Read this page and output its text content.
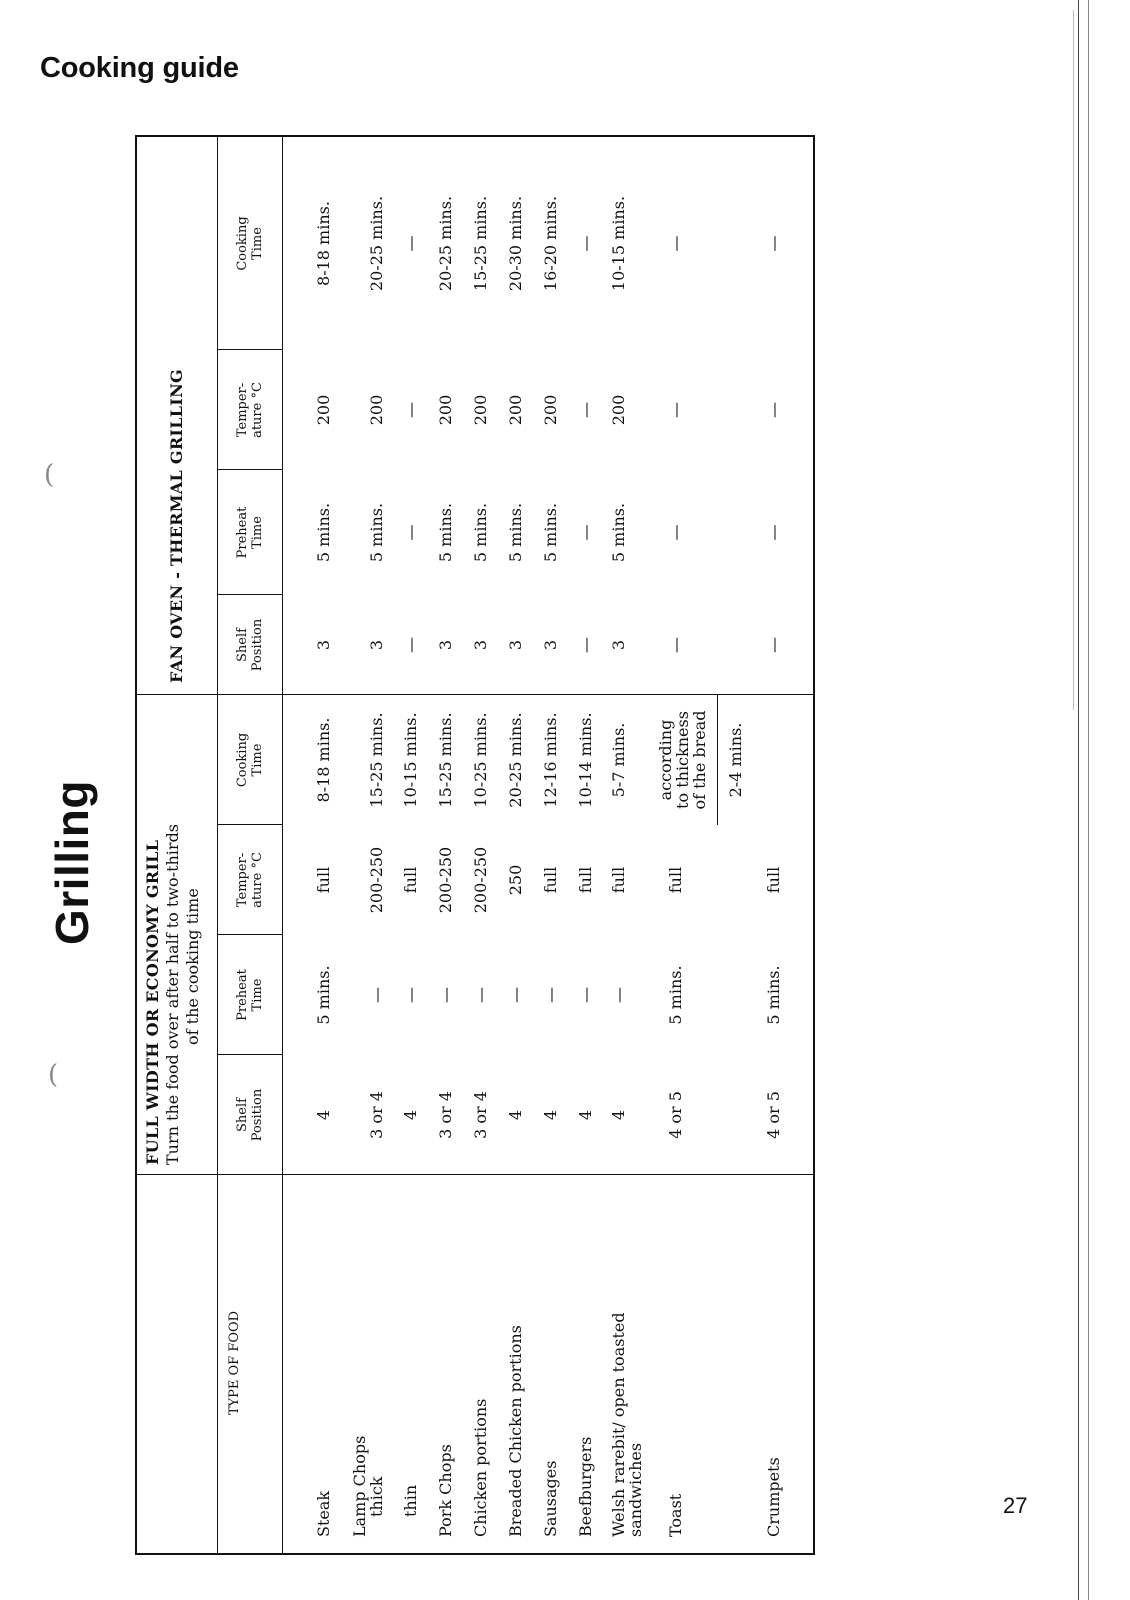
Cooking guide
27
(
(
Grilling
TYPE OF FOOD
FULL WIDTH OR ECONOMY GRILL Turn the food over after half to two-thirds of the cooking time
FAN OVEN - THERMAL GRILLING
Shelf Position
Preheat Time
Temper- ature °C
Cooking Time
Shelf Position
Preheat Time
Temper- ature °C
Cooking Time
Steak
4
5 mins.
full
8-18 mins.
3
5 mins.
200
8-18 mins.
Lamp Chops
thick
3 or 4
—
200-250
15-25 mins.
3
5 mins.
200
20-25 mins.
thin
4
—
full
10-15 mins.
—
—
—
—
Pork Chops
3 or 4
—
200-250
15-25 mins.
3
5 mins.
200
20-25 mins.
Chicken portions
3 or 4
—
200-250
10-25 mins.
3
5 mins.
200
15-25 mins.
Breaded Chicken portions
4
—
250
20-25 mins.
3
5 mins.
200
20-30 mins.
Sausages
4
—
full
12-16 mins.
3
5 mins.
200
16-20 mins.
Beefburgers
4
—
full
10-14 mins.
—
—
—
—
Welsh rarebit/ open toasted
sandwiches
4
—
full
5-7 mins.
3
5 mins.
200
10-15 mins.
Toast
4 or 5
5 mins.
full
according
to thickness
of the bread
—
—
—
—
Crumpets
4 or 5
5 mins.
full
2-4 mins.
—
—
—
—
